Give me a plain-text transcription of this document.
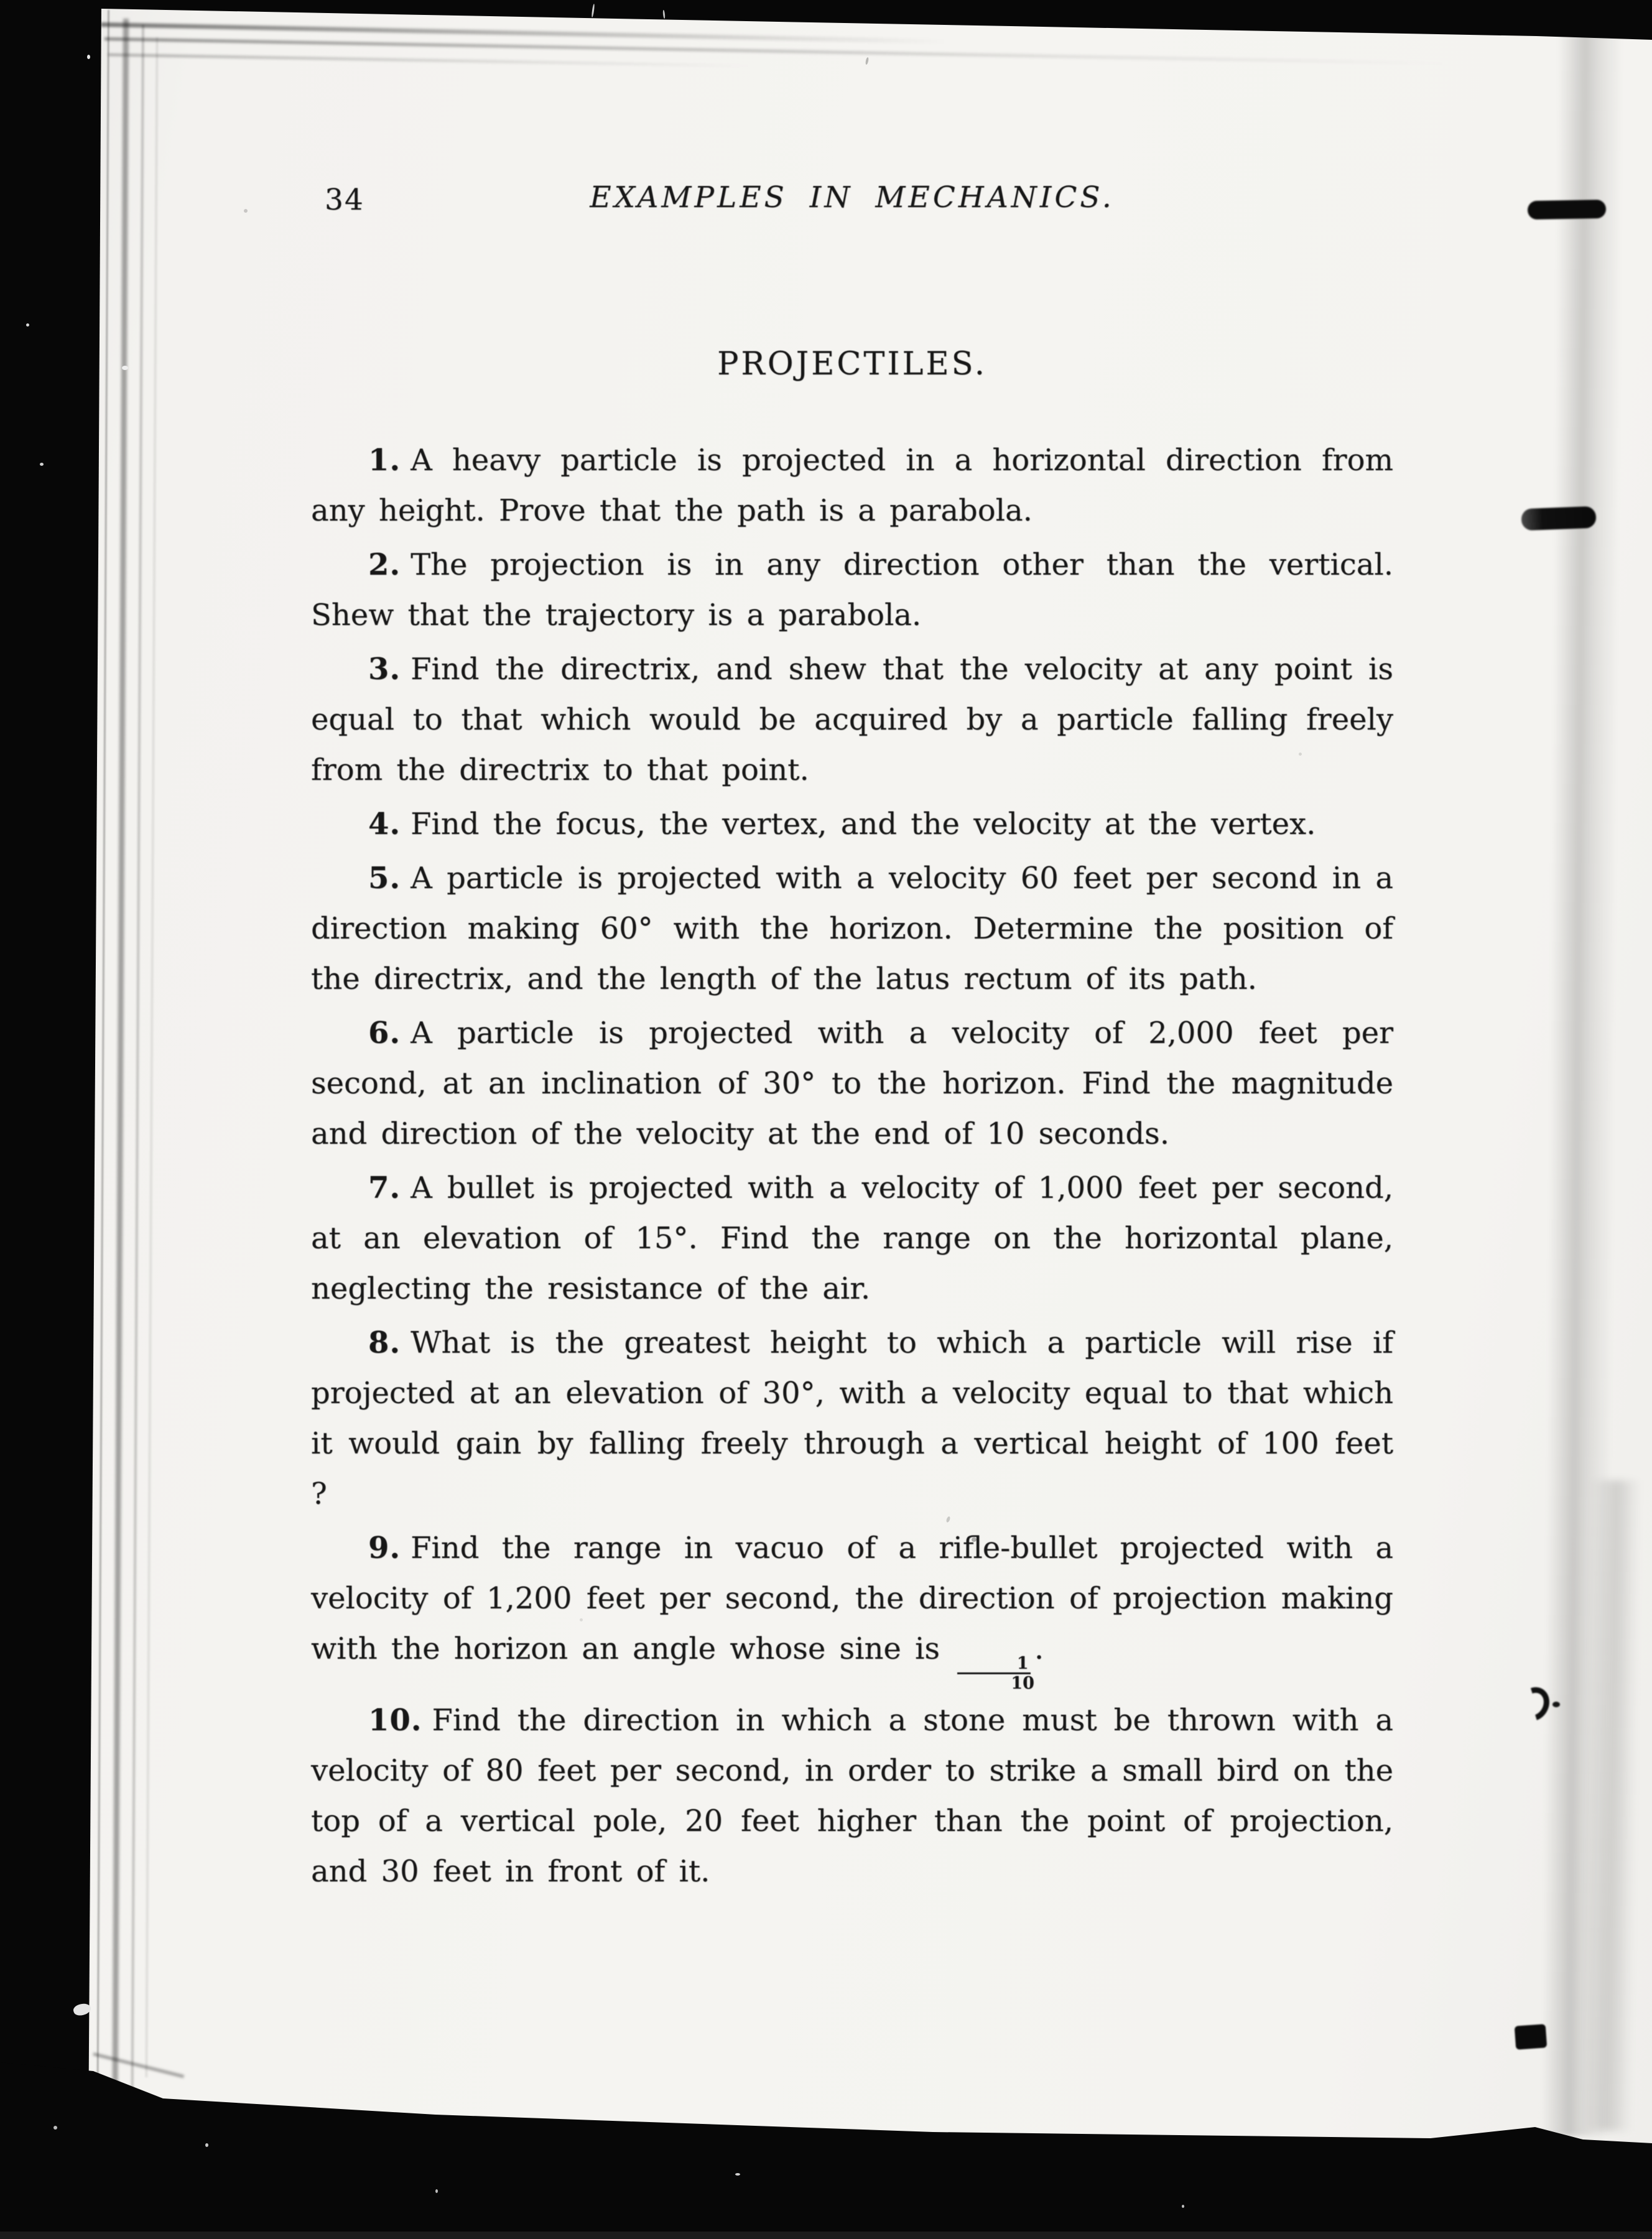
34	EXAMPLES IN MECHANICS.
PROJECTILES.

1. A heavy particle is projected in a horizontal direction from any height. Prove that the path is a parabola.

2. The projection is in any direction other than the vertical. Shew that the trajectory is a parabola.

3. Find the directrix, and shew that the velocity at any point is equal to that which would be acquired by a particle falling freely from the directrix to that point.

4. Find the focus, the vertex, and the velocity at the vertex.

5. A particle is projected with a velocity 60 feet per second in a direction making 60° with the horizon. Determine the position of the directrix, and the length of the latus rectum of its path.

6. A particle is projected with a velocity of 2,000 feet per second, at an inclination of 30° to the horizon. Find the magnitude and direction of the velocity at the end of 10 seconds.

7. A bullet is projected with a velocity of 1,000 feet per second, at an elevation of 15°. Find the range on the horizontal plane, neglecting the resistance of the air.

8. What is the greatest height to which a particle will rise if projected at an elevation of 30°, with a velocity equal to that which it would gain by falling freely through a vertical height of 100 feet ?

9. Find the range in vacuo of a rifle-bullet projected with a velocity of 1,200 feet per second, the direction of projection making with the horizon an angle whose sine is
$\frac{1}{10}$
.

10. Find the direction in which a stone must be thrown with a velocity of 80 feet per second, in order to strike a small bird on the top of a vertical pole, 20 feet higher than the point of projection, and 30 feet in front of it.
